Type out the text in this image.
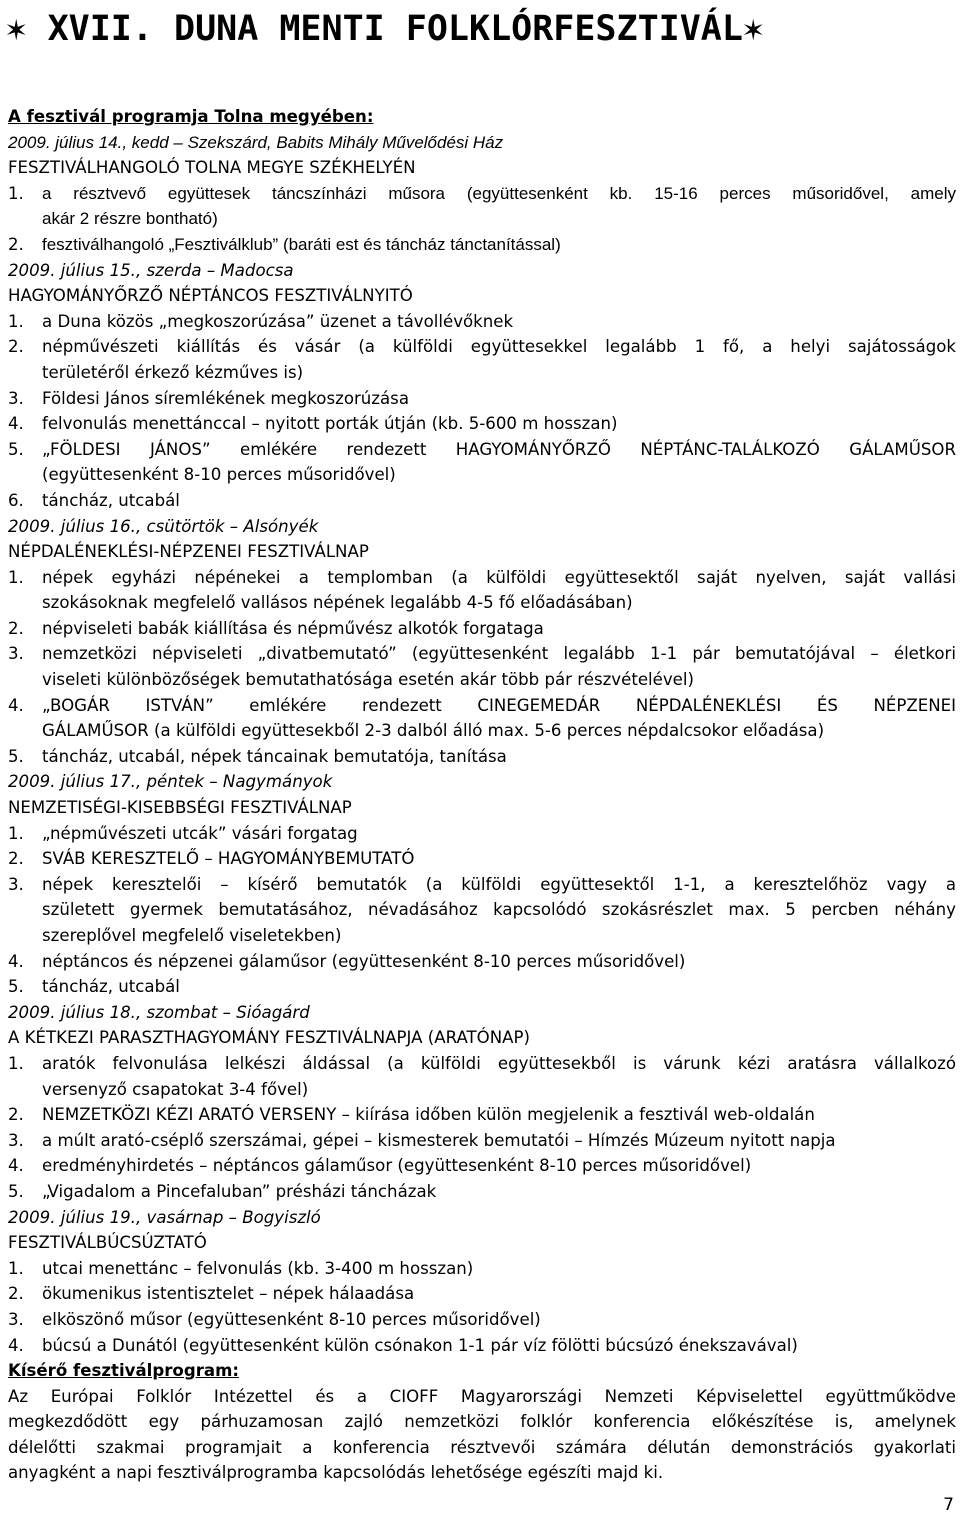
✶ XVII. DUNA MENTI FOLKLÓRFESZTIVÁL✶
A fesztivál programja Tolna megyében:
2009. július 14., kedd – Szekszárd, Babits Mihály Művelődési Ház
FESZTIVÁLHANGOLÓ TOLNA MEGYE SZÉKHELYÉN
1.	a résztvevő együttesek táncszínházi műsora (együttesenként kb. 15-16 perces műsoridővel, amely
akár 2 részre bontható)
2.	fesztiválhangoló „Fesztiválklub” (baráti est és táncház tánctanítással)
2009. július 15., szerda – Madocsa
HAGYOMÁNYŐRZŐ NÉPTÁNCOS FESZTIVÁLNYITÓ
1.	a Duna közös „megkoszorúzása” üzenet a távollévőknek
2.	népművészeti kiállítás és vásár (a külföldi együttesekkel legalább 1 fő, a helyi sajátosságok
területéről érkező kézműves is)
3.	Földesi János síremlékének megkoszorúzása
4.	felvonulás menettánccal – nyitott porták útján (kb. 5-600 m hosszan)
5.	„FÖLDESI JÁNOS” emlékére rendezett HAGYOMÁNYŐRZŐ NÉPTÁNC-TALÁLKOZÓ GÁLAMŰSOR
(együttesenként 8-10 perces műsoridővel)
6.	táncház, utcabál
2009. július 16., csütörtök – Alsónyék
NÉPDALÉNEKLÉSI-NÉPZENEI FESZTIVÁLNAP
1.	népek egyházi népénekei a templomban (a külföldi együttesektől saját nyelven, saját vallási
szokásoknak megfelelő vallásos népének legalább 4-5 fő előadásában)
2.	népviseleti babák kiállítása és népművész alkotók forgataga
3.	nemzetközi népviseleti „divatbemutató” (együttesenként legalább 1-1 pár bemutatójával – életkori
viseleti különbözőségek bemutathatósága esetén akár több pár részvételével)
4.	„BOGÁR ISTVÁN” emlékére rendezett CINEGEMEDÁR NÉPDALÉNEKLÉSI ÉS NÉPZENEI
GÁLAMŰSOR (a külföldi együttesekből 2-3 dalból álló max. 5-6 perces népdalcsokor előadása)
5.	táncház, utcabál, népek táncainak bemutatója, tanítása
2009. július 17., péntek – Nagymányok
NEMZETISÉGI-KISEBBSÉGI FESZTIVÁLNAP
1.	„népművészeti utcák” vásári forgatag
2.	SVÁB KERESZTELŐ – HAGYOMÁNYBEMUTATÓ
3.	népek keresztelői – kísérő bemutatók (a külföldi együttesektől 1-1, a keresztelőhöz vagy a
született gyermek bemutatásához, névadásához kapcsolódó szokásrészlet max. 5 percben néhány
szereplővel megfelelő viseletekben)
4.	néptáncos és népzenei gálaműsor (együttesenként 8-10 perces műsoridővel)
5.	táncház, utcabál
2009. július 18., szombat – Sióagárd
A KÉTKEZI PARASZTHAGYOMÁNY FESZTIVÁLNAPJA (ARATÓNAP)
1.	aratók felvonulása lelkészi áldással (a külföldi együttesekből is várunk kézi aratásra vállalkozó
versenyző csapatokat 3-4 fővel)
2.	NEMZETKÖZI KÉZI ARATÓ VERSENY – kiírása időben külön megjelenik a fesztivál web-oldalán
3.	a múlt arató-cséplő szerszámai, gépei – kismesterek bemutatói – Hímzés Múzeum nyitott napja
4.	eredményhirdetés – néptáncos gálaműsor (együttesenként 8-10 perces műsoridővel)
5.	„Vigadalom a Pincefaluban” présházi táncházak
2009. július 19., vasárnap – Bogyiszló
FESZTIVÁLBÚCSÚZTATÓ
1.	utcai menettánc – felvonulás (kb. 3-400 m hosszan)
2.	ökumenikus istentisztelet – népek hálaadása
3.	elköszönő műsor (együttesenként 8-10 perces műsoridővel)
4.	búcsú a Dunától (együttesenként külön csónakon 1-1 pár víz fölötti búcsúzó énekszavával)
Kísérő fesztiválprogram:
Az Európai Folklór Intézettel és a CIOFF Magyarországi Nemzeti Képviselettel együttműködve
megkezdődött egy párhuzamosan zajló nemzetközi folklór konferencia előkészítése is, amelynek
délelőtti szakmai programjait a konferencia résztvevői számára délután demonstrációs gyakorlati
anyagként a napi fesztiválprogramba kapcsolódás lehetősége egészíti majd ki.
7
